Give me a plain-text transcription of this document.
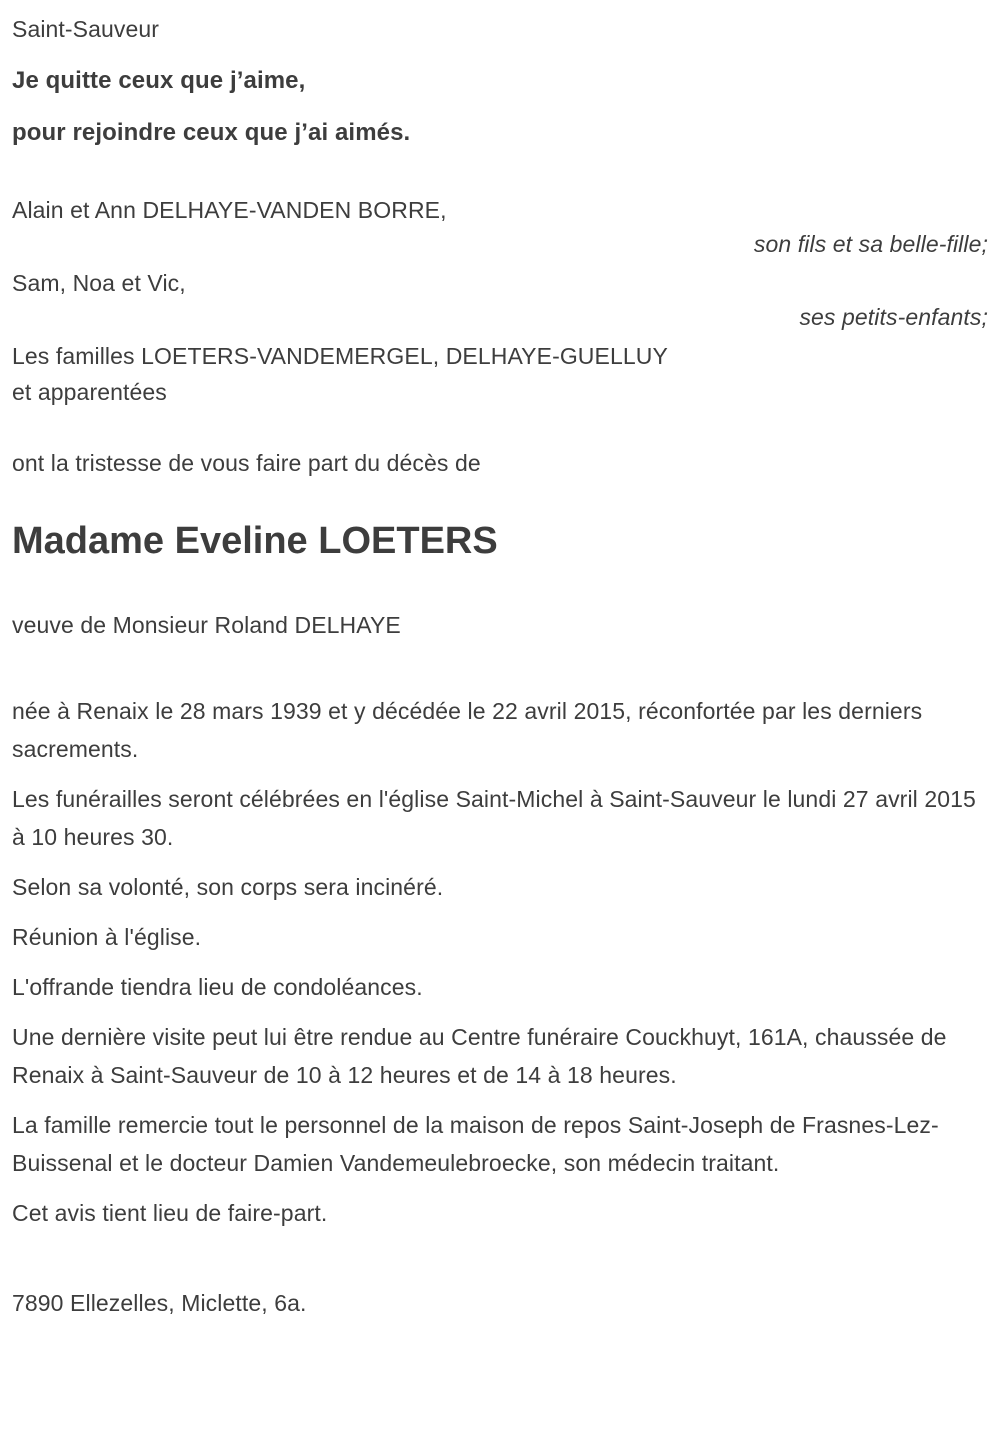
Saint-Sauveur

Je quitte ceux que j’aime,

pour rejoindre ceux que j’ai aimés.

Alain et Ann DELHAYE-VANDEN BORRE,

son fils et sa belle-fille;

Sam, Noa et Vic,

ses petits-enfants;

Les familles LOETERS-VANDEMERGEL, DELHAYE-GUELLUY

et apparentées

ont la tristesse de vous faire part du décès de

Madame Eveline LOETERS

veuve de Monsieur Roland DELHAYE

née à Renaix le 28 mars 1939 et y décédée le 22 avril 2015, réconfortée par les derniers sacrements.

Les funérailles seront célébrées en l'église Saint-Michel à Saint-Sauveur le lundi 27 avril 2015 à 10 heures 30.

Selon sa volonté, son corps sera incinéré.

Réunion à l'église.

L'offrande tiendra lieu de condoléances.

Une dernière visite peut lui être rendue au Centre funéraire Couckhuyt, 161A, chaussée de Renaix à Saint-Sauveur de 10 à 12 heures et de 14 à 18 heures.

La famille remercie tout le personnel de la maison de repos Saint-Joseph de Frasnes-Lez-Buissenal et le docteur Damien Vandemeulebroecke, son médecin traitant.

Cet avis tient lieu de faire-part.

7890 Ellezelles, Miclette, 6a.
